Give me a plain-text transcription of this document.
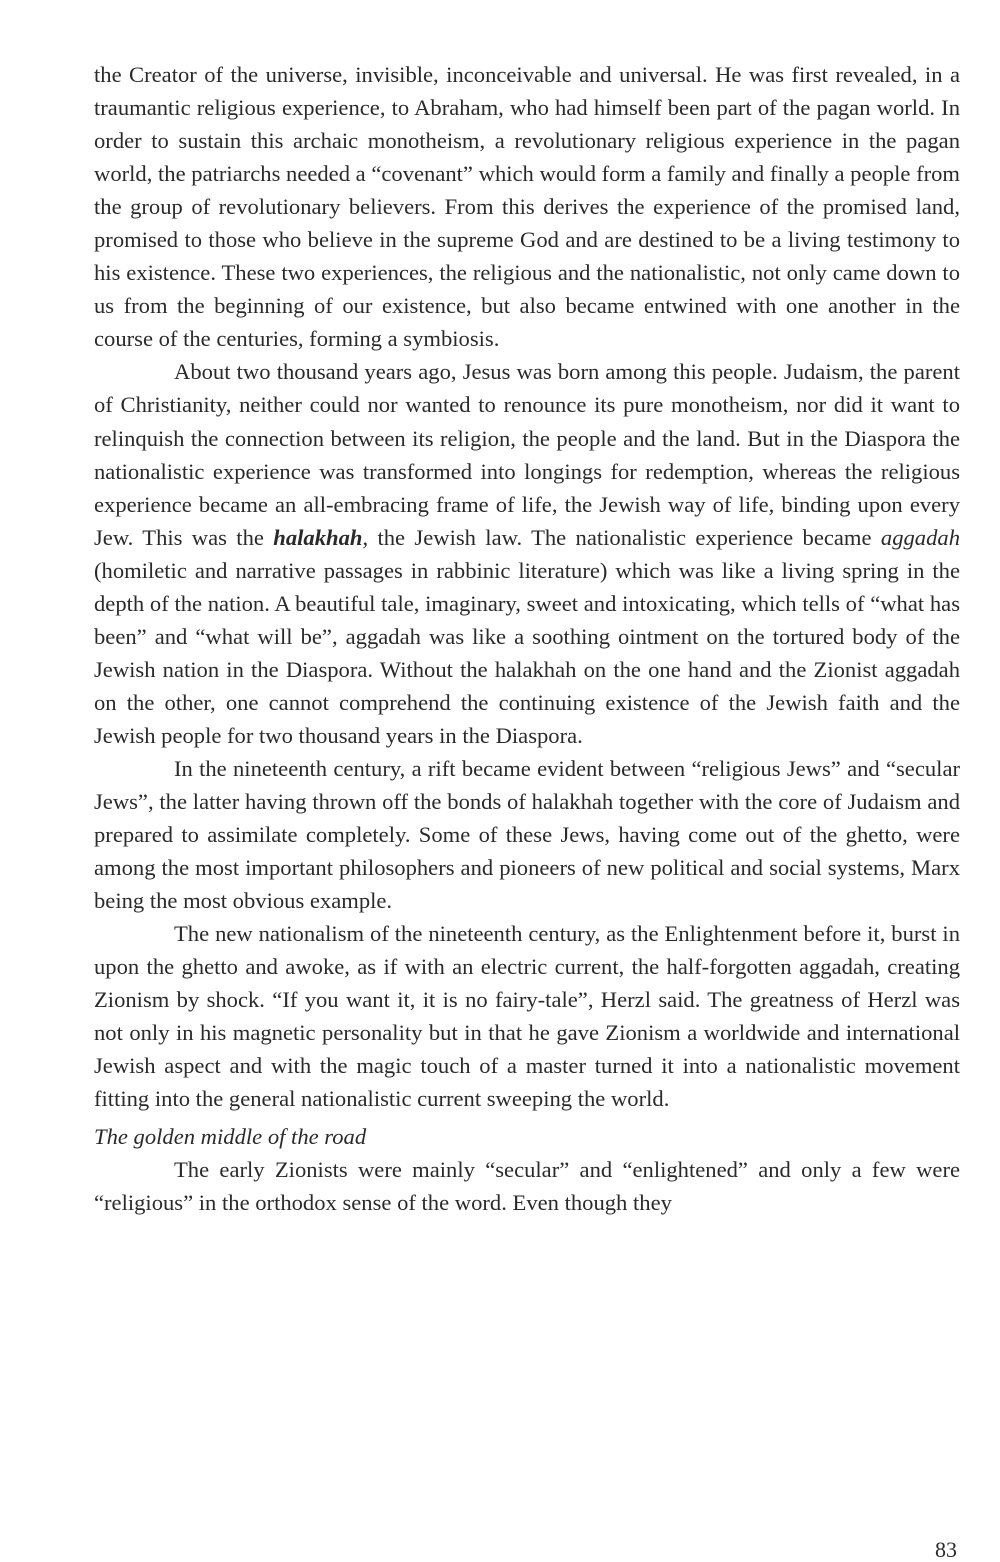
the Creator of the universe, invisible, inconceivable and universal. He was first revealed, in a traumantic religious experience, to Abraham, who had himself been part of the pagan world. In order to sustain this archaic monotheism, a revolutionary religious experience in the pagan world, the patriarchs needed a “covenant” which would form a family and finally a people from the group of revolutionary believers. From this derives the experience of the promised land, promised to those who believe in the supreme God and are destined to be a living testimony to his existence. These two experiences, the religious and the nationalistic, not only came down to us from the beginning of our existence, but also became entwined with one another in the course of the centuries, forming a symbiosis.

About two thousand years ago, Jesus was born among this people. Judaism, the parent of Christianity, neither could nor wanted to renounce its pure monotheism, nor did it want to relinquish the connection between its religion, the people and the land. But in the Diaspora the nationalistic experience was transformed into longings for redemption, whereas the religious experience became an all-embracing frame of life, the Jewish way of life, binding upon every Jew. This was the halakhah, the Jewish law. The nationalistic experience became aggadah (homiletic and narrative passages in rabbinic literature) which was like a living spring in the depth of the nation. A beautiful tale, imaginary, sweet and intoxicating, which tells of “what has been” and “what will be”, aggadah was like a soothing ointment on the tortured body of the Jewish nation in the Diaspora. Without the halakhah on the one hand and the Zionist aggadah on the other, one cannot comprehend the continuing existence of the Jewish faith and the Jewish people for two thousand years in the Diaspora.

In the nineteenth century, a rift became evident between “religious Jews” and “secular Jews”, the latter having thrown off the bonds of halakhah together with the core of Judaism and prepared to assimilate completely. Some of these Jews, having come out of the ghetto, were among the most important philosophers and pioneers of new political and social systems, Marx being the most obvious example.

The new nationalism of the nineteenth century, as the Enlightenment before it, burst in upon the ghetto and awoke, as if with an electric current, the half-forgotten aggadah, creating Zionism by shock. “If you want it, it is no fairy-tale”, Herzl said. The greatness of Herzl was not only in his magnetic personality but in that he gave Zionism a worldwide and international Jewish aspect and with the magic touch of a master turned it into a nationalistic movement fitting into the general nationalistic current sweeping the world.

The golden middle of the road

The early Zionists were mainly “secular” and “enlightened” and only a few were “religious” in the orthodox sense of the word. Even though they

83
